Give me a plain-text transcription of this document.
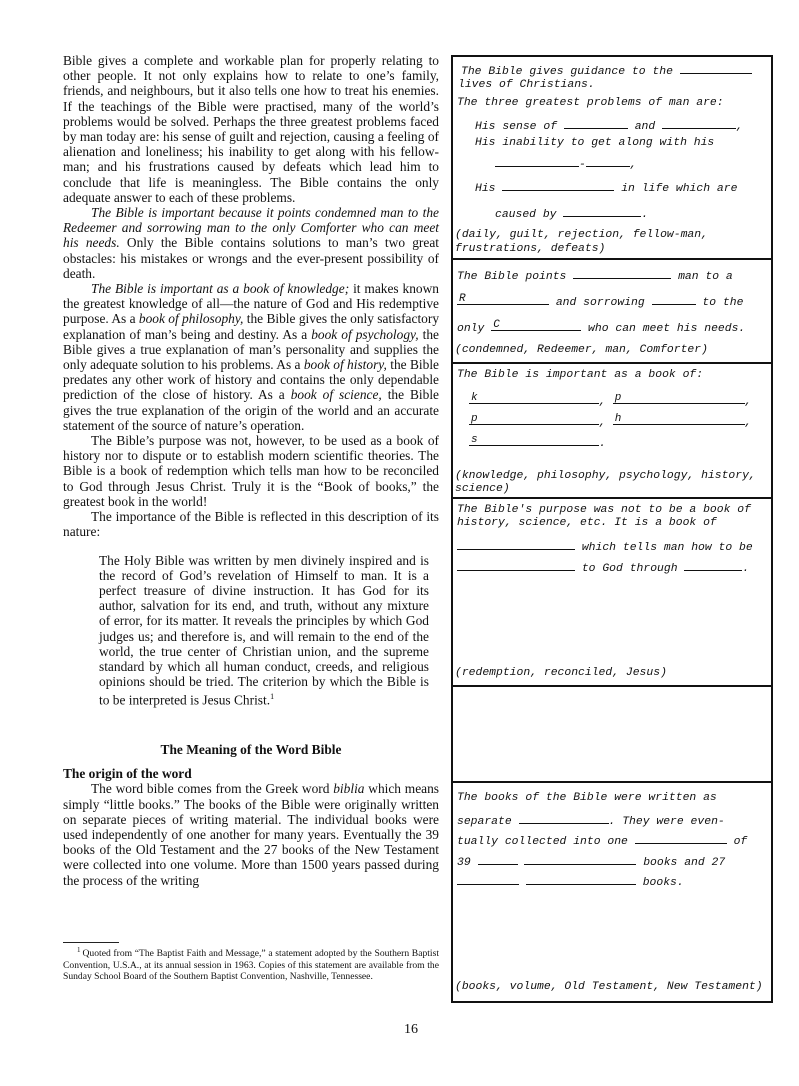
Bible gives a complete and workable plan for properly relating to other people. It not only explains how to relate to one’s family, friends, and neighbours, but it also tells one how to treat his enemies. If the teachings of the Bible were practised, many of the world’s problems would be solved. Perhaps the three greatest problems faced by man today are: his sense of guilt and rejection, causing a feeling of alienation and loneliness; his inability to get along with his fellow-man; and his frustrations caused by defeats which lead him to conclude that life is meaningless. The Bible contains the only adequate answer to each of these problems.

The Bible is important because it points condemned man to the Redeemer and sorrowing man to the only Comforter who can meet his needs. Only the Bible contains solutions to man’s two great obstacles: his mistakes or wrongs and the ever-present possibility of death.

The Bible is important as a book of knowledge; it makes known the greatest knowledge of all—the nature of God and His redemptive purpose. As a book of philosophy, the Bible gives the only satisfactory explanation of man’s being and destiny. As a book of psychology, the Bible gives a true explanation of man’s personality and supplies the only adequate solution to his problems. As a book of history, the Bible predates any other work of history and contains the only dependable prediction of the close of history. As a book of science, the Bible gives the true explanation of the origin of the world and an accurate statement of the source of nature’s operation.

The Bible’s purpose was not, however, to be used as a book of history nor to dispute or to establish modern scientific theories. The Bible is a book of redemption which tells man how to be reconciled to God through Jesus Christ. Truly it is the “Book of books,” the greatest book in the world!

The importance of the Bible is reflected in this description of its nature:

The Holy Bible was written by men divinely inspired and is the record of God’s revelation of Himself to man. It is a perfect treasure of divine instruction. It has God for its author, salvation for its end, and truth, without any mixture of error, for its matter. It reveals the principles by which God judges us; and therefore is, and will remain to the end of the world, the true center of Christian union, and the supreme standard by which all human conduct, creeds, and religious opinions should be tried. The criterion by which the Bible is to be interpreted is Jesus Christ.$^1$

The Meaning of the Word Bible

The origin of the word

The word bible comes from the Greek word biblia which means simply “little books.” The books of the Bible were originally written on separate pieces of writing material. The individual books were used independently of one another for many years. Eventually the 39 books of the Old Testament and the 27 books of the New Testament were collected into one volume. More than 1500 years passed during the process of the writing

$^1$ Quoted from “The Baptist Faith and Message,” a statement adopted by the Southern Baptist Convention, U.S.A., at its annual session in 1963. Copies of this statement are available from the Sunday School Board of the Southern Baptist Convention, Nashville, Tennessee.
16
The Bible gives guidance to the
lives of Christians.
The three greatest problems of man are:
His sense of	and	,
His inability to get along with his
-	,
His	in life which are
caused by	.
(daily, guilt, rejection, fellow-man,
frustrations, defeats)
The Bible points	man to a
R	and sorrowing	to the
only C	who can meet his needs.
(condemned, Redeemer, man, Comforter)
The Bible is important as a book of:
k	, p	,
p	, h	,
s	.
(knowledge, philosophy, psychology, history,
science)
The Bible's purpose was not to be a book of
history, science, etc. It is a book of
which tells man how to be
to God through	.
(redemption, reconciled, Jesus)
The books of the Bible were written as
separate	. They were even-
tually collected into one	of
39	books and 27
books.
(books, volume, Old Testament, New Testament)
